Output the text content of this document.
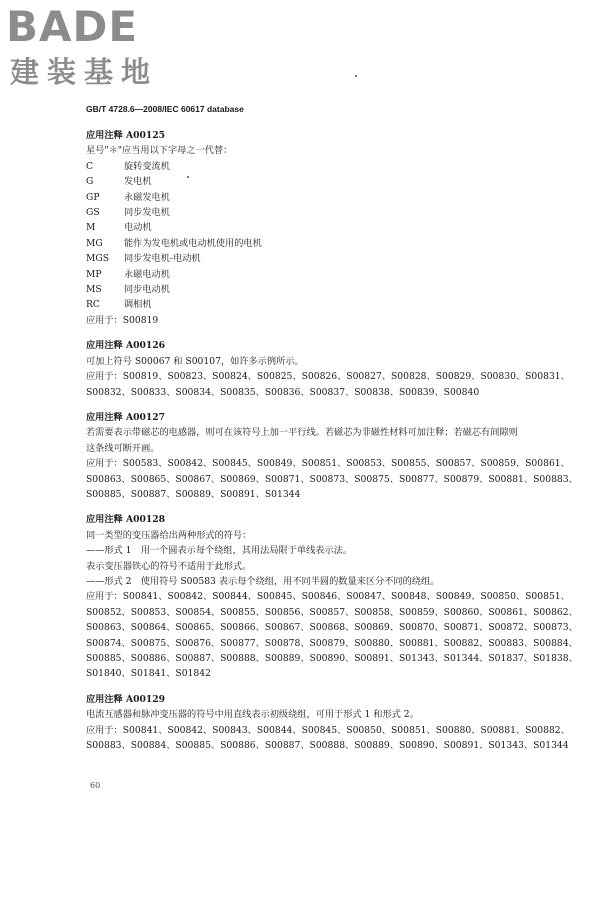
BADE
建装基地
GB/T 4728.6—2008/IEC 60617 database
应用注释 A00125
星号"＊"应当用以下字母之一代替：
C	旋转变流机
G	发电机
GP	永磁发电机
GS	同步发电机
M	电动机
MG	能作为发电机或电动机使用的电机
MGS	同步发电机-电动机
MP	永磁电动机
MS	同步电动机
RC	调相机
应用于：S00819
应用注释 A00126
可加上符号 S00067 和 S00107，如许多示例所示。
应用于：S00819、S00823、S00824、S00825、S00826、S00827、S00828、S00829、S00830、S00831、
S00832、S00833、S00834、S00835、S00836、S00837、S00838、S00839、S00840
应用注释 A00127
若需要表示带磁芯的电感器，则可在该符号上加一平行线。若磁芯为非磁性材料可加注释；若磁芯有间隙则这条线可断开画。
应用于：S00583、S00842、S00845、S00849、S00851、S00853、S00855、S00857、S00859、S00861、
S00863、S00865、S00867、S00869、S00871、S00873、S00875、S00877、S00879、S00881、S00883、
S00885、S00887、S00889、S00891、S01344
应用注释 A00128
同一类型的变压器给出两种形式的符号：
——形式 1　用一个圆表示每个绕组，其用法局限于单线表示法。
表示变压器铁心的符号不适用于此形式。
——形式 2　使用符号 S00583 表示每个绕组，用不同半圆的数量来区分不同的绕组。
应用于：S00841、S00842、S00844、S00845、S00846、S00847、S00848、S00849、S00850、S00851、
S00852、S00853、S00854、S00855、S00856、S00857、S00858、S00859、S00860、S00861、S00862、
S00863、S00864、S00865、S00866、S00867、S00868、S00869、S00870、S00871、S00872、S00873、
S00874、S00875、S00876、S00877、S00878、S00879、S00880、S00881、S00882、S00883、S00884、
S00885、S00886、S00887、S00888、S00889、S00890、S00891、S01343、S01344、S01837、S01838、
S01840、S01841、S01842
应用注释 A00129
电流互感器和脉冲变压器的符号中用直线表示初级绕组，可用于形式 1 和形式 2。
应用于：S00841、S00842、S00843、S00844、S00845、S00850、S00851、S00880、S00881、S00882、
S00883、S00884、S00885、S00886、S00887、S00888、S00889、S00890、S00891、S01343、S01344
60
